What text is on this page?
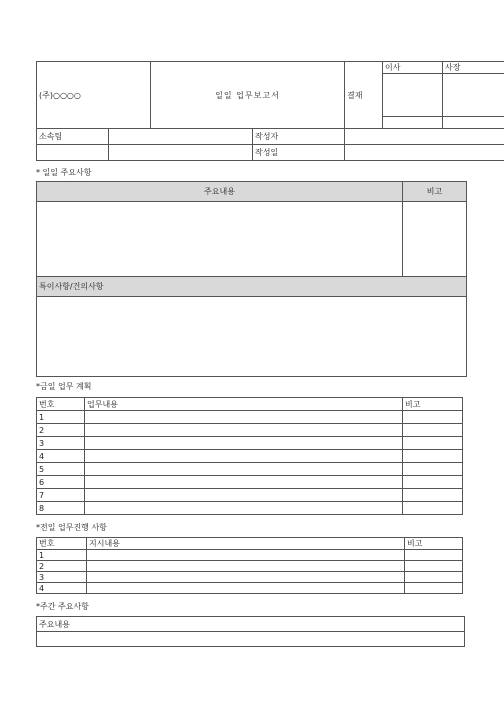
(주)○○○○		일일 업무보고서		결재	이사	사장

소속팀			작성자			
			작성일			
* 일일 주요사항
주요내용	비고

특이사항/건의사항	

*금일 업무 계획
번호	업무내용	비고
1		
2		
3		
4		
5		
6		
7		
8		
*전일 업무진행 사항
번호	지시내용	비고
1		
2		
3		
4		
*주간 주요사항
주요내용
